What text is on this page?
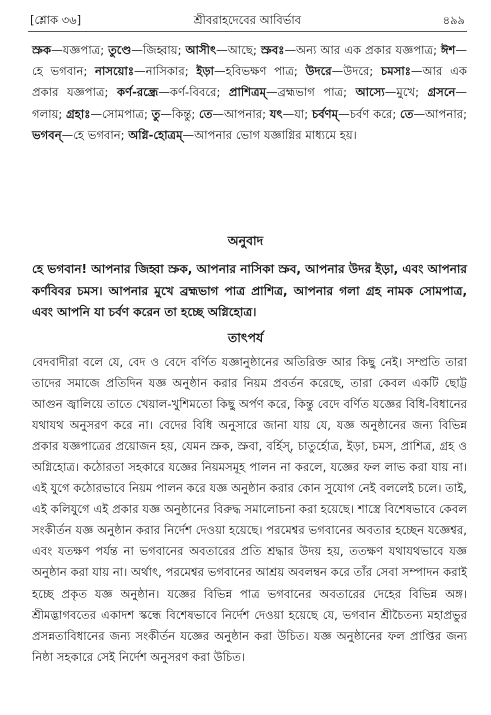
[শ্লোক ৩৬]	শ্রীবরাহদেবের আবির্ভাব	৪৯৯

স্রুক—যজ্ঞপাত্র; তুণ্ডে—জিহ্বায়; আসীৎ—আছে; স্রুবঃ—অন্য আর এক প্রকার যজ্ঞপাত্র; ঈশ—হে ভগবান; নাসয়োঃ—নাসিকার; ইড়া—হবিভক্ষণ পাত্র; উদরে—উদরে; চমসাঃ—আর এক প্রকার যজ্ঞপাত্র; কর্ণ-রন্ধ্রে—কর্ণ-বিবরে; প্রাশিত্রম্—ব্রহ্মভাগ পাত্র; আস্যে—মুখে; গ্রসনে—গলায়; গ্রহাঃ—সোমপাত্র; তু—কিন্তু; তে—আপনার; যৎ—যা; চর্বণম্—চর্বণ করে; তে—আপনার; ভগবন্—হে ভগবান; অগ্নি-হোত্রম্—আপনার ভোগ যজ্ঞাগ্নির মাধ্যমে হয়।

অনুবাদ
হে ভগবান! আপনার জিহ্বা স্রুক, আপনার নাসিকা স্রুব, আপনার উদর ইড়া, এবং আপনার কর্ণবিবর চমস। আপনার মুখে ব্রহ্মভাগ পাত্র প্রাশিত্র, আপনার গলা গ্রহ নামক সোমপাত্র, এবং আপনি যা চর্বণ করেন তা হচ্ছে অগ্নিহোত্র।
তাৎপর্য

বেদবাদীরা বলে যে, বেদ ও বেদে বর্ণিত যজ্ঞানুষ্ঠানের অতিরিক্ত আর কিছু নেই। সম্প্রতি তারা তাদের সমাজে প্রতিদিন যজ্ঞ অনুষ্ঠান করার নিয়ম প্রবর্তন করেছে, তারা কেবল একটি ছোট্ট আগুন জ্বালিয়ে তাতে খেয়াল-খুশিমতো কিছু অর্পণ করে, কিন্তু বেদে বর্ণিত যজ্ঞের বিধি-বিধানের যথাযথ অনুসরণ করে না। বেদের বিধি অনুসারে জানা যায় যে, যজ্ঞ অনুষ্ঠানের জন্য বিভিন্ন প্রকার যজ্ঞপাত্রের প্রয়োজন হয়, যেমন স্রুক, স্রুবা, বর্হিস্, চাতুর্হোত্র, ইড়া, চমস, প্রাশিত্র, গ্রহ ও অগ্নিহোত্র। কঠোরতা সহকারে যজ্ঞের নিয়মসমূহ পালন না করলে, যজ্ঞের ফল লাভ করা যায় না। এই যুগে কঠোরভাবে নিয়ম পালন করে যজ্ঞ অনুষ্ঠান করার কোন সুযোগ নেই বললেই চলে। তাই, এই কলিযুগে এই প্রকার যজ্ঞ অনুষ্ঠানের বিরুদ্ধ সমালোচনা করা হয়েছে। শাস্ত্রে বিশেষভাবে কেবল সংকীর্তন যজ্ঞ অনুষ্ঠান করার নির্দেশ দেওয়া হয়েছে। পরমেশ্বর ভগবানের অবতার হচ্ছেন যজ্ঞেশ্বর, এবং যতক্ষণ পর্যন্ত না ভগবানের অবতারের প্রতি শ্রদ্ধার উদয় হয়, ততক্ষণ যথাযথভাবে যজ্ঞ অনুষ্ঠান করা যায় না। অর্থাৎ, পরমেশ্বর ভগবানের আশ্রয় অবলম্বন করে তাঁর সেবা সম্পাদন করাই হচ্ছে প্রকৃত যজ্ঞ অনুষ্ঠান। যজ্ঞের বিভিন্ন পাত্র ভগবানের অবতারের দেহের বিভিন্ন অঙ্গ। শ্রীমদ্ভাগবতের একাদশ স্কন্ধে বিশেষভাবে নির্দেশ দেওয়া হয়েছে যে, ভগবান শ্রীচৈতন্য মহাপ্রভুর প্রসন্নতাবিধানের জন্য সংকীর্তন যজ্ঞের অনুষ্ঠান করা উচিত। যজ্ঞ অনুষ্ঠানের ফল প্রাপ্তির জন্য নিষ্ঠা সহকারে সেই নির্দেশ অনুসরণ করা উচিত।
